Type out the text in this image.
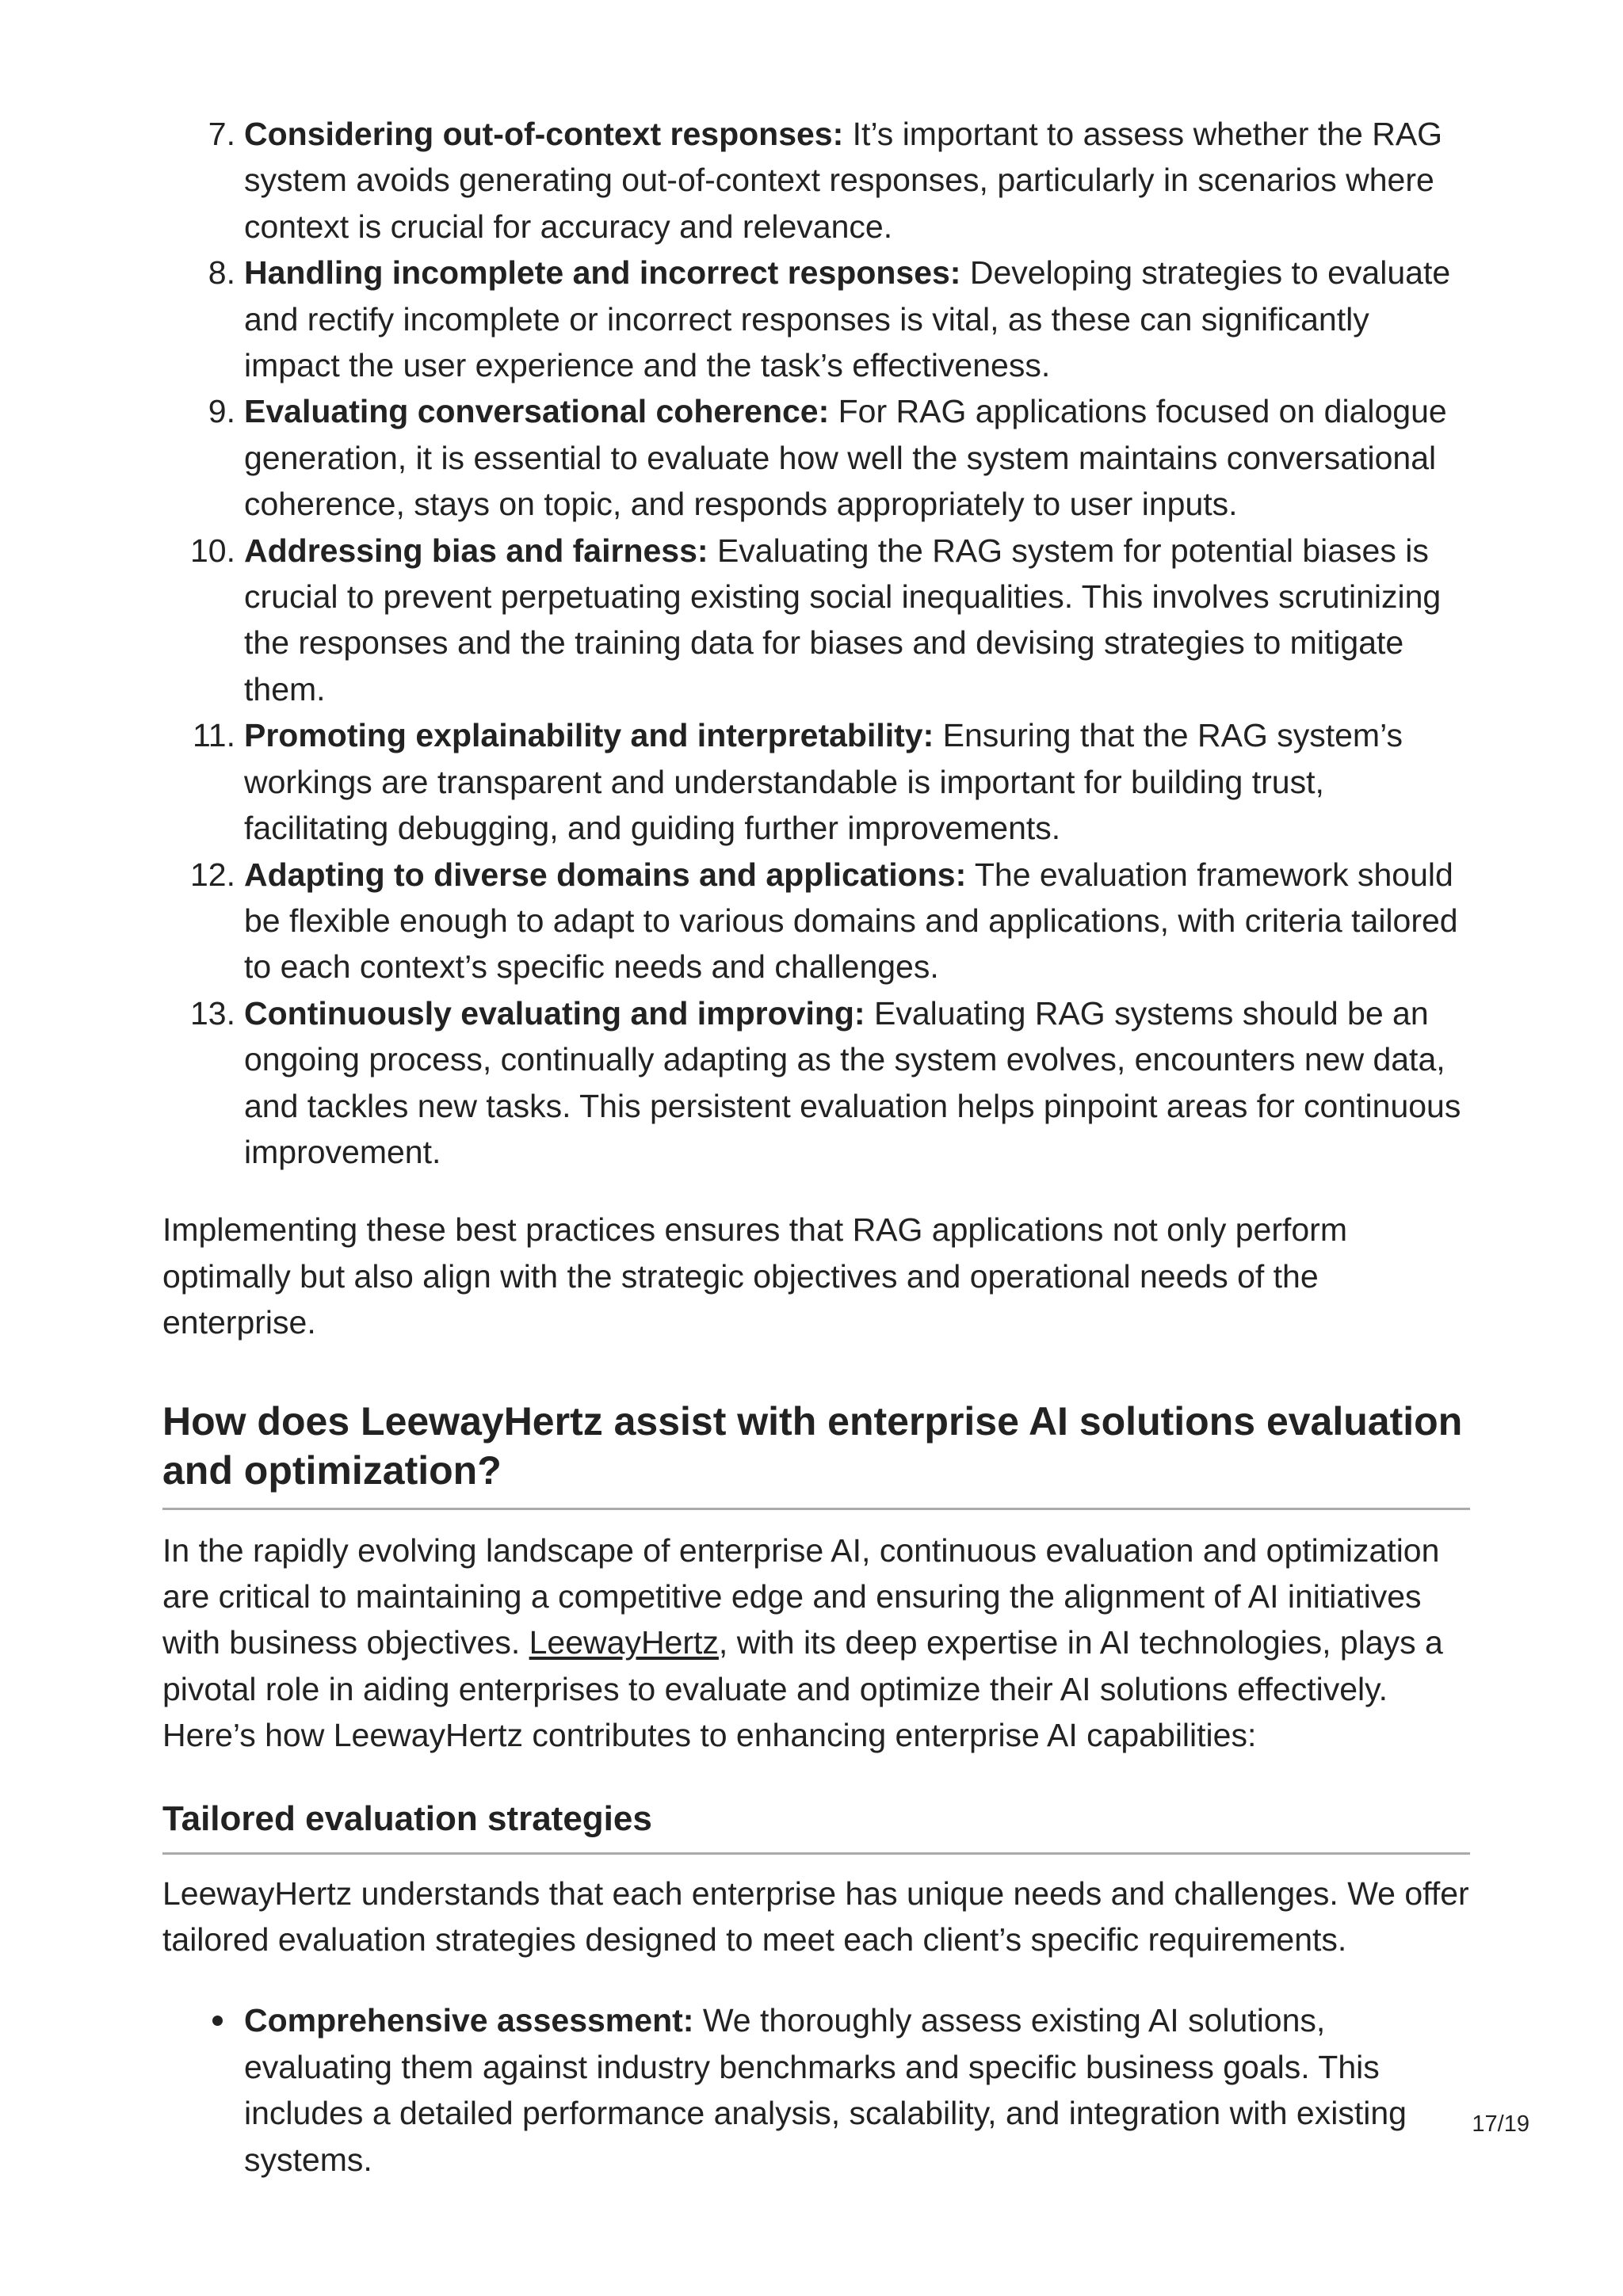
7. Considering out-of-context responses: It’s important to assess whether the RAG system avoids generating out-of-context responses, particularly in scenarios where context is crucial for accuracy and relevance.
8. Handling incomplete and incorrect responses: Developing strategies to evaluate and rectify incomplete or incorrect responses is vital, as these can significantly impact the user experience and the task’s effectiveness.
9. Evaluating conversational coherence: For RAG applications focused on dialogue generation, it is essential to evaluate how well the system maintains conversational coherence, stays on topic, and responds appropriately to user inputs.
10. Addressing bias and fairness: Evaluating the RAG system for potential biases is crucial to prevent perpetuating existing social inequalities. This involves scrutinizing the responses and the training data for biases and devising strategies to mitigate them.
11. Promoting explainability and interpretability: Ensuring that the RAG system’s workings are transparent and understandable is important for building trust, facilitating debugging, and guiding further improvements.
12. Adapting to diverse domains and applications: The evaluation framework should be flexible enough to adapt to various domains and applications, with criteria tailored to each context’s specific needs and challenges.
13. Continuously evaluating and improving: Evaluating RAG systems should be an ongoing process, continually adapting as the system evolves, encounters new data, and tackles new tasks. This persistent evaluation helps pinpoint areas for continuous improvement.

Implementing these best practices ensures that RAG applications not only perform optimally but also align with the strategic objectives and operational needs of the enterprise.

How does LeewayHertz assist with enterprise AI solutions evaluation and optimization?

In the rapidly evolving landscape of enterprise AI, continuous evaluation and optimization are critical to maintaining a competitive edge and ensuring the alignment of AI initiatives with business objectives. LeewayHertz, with its deep expertise in AI technologies, plays a pivotal role in aiding enterprises to evaluate and optimize their AI solutions effectively. Here’s how LeewayHertz contributes to enhancing enterprise AI capabilities:

Tailored evaluation strategies

LeewayHertz understands that each enterprise has unique needs and challenges. We offer tailored evaluation strategies designed to meet each client’s specific requirements.

Comprehensive assessment: We thoroughly assess existing AI solutions, evaluating them against industry benchmarks and specific business goals. This includes a detailed performance analysis, scalability, and integration with existing systems.
17/19
